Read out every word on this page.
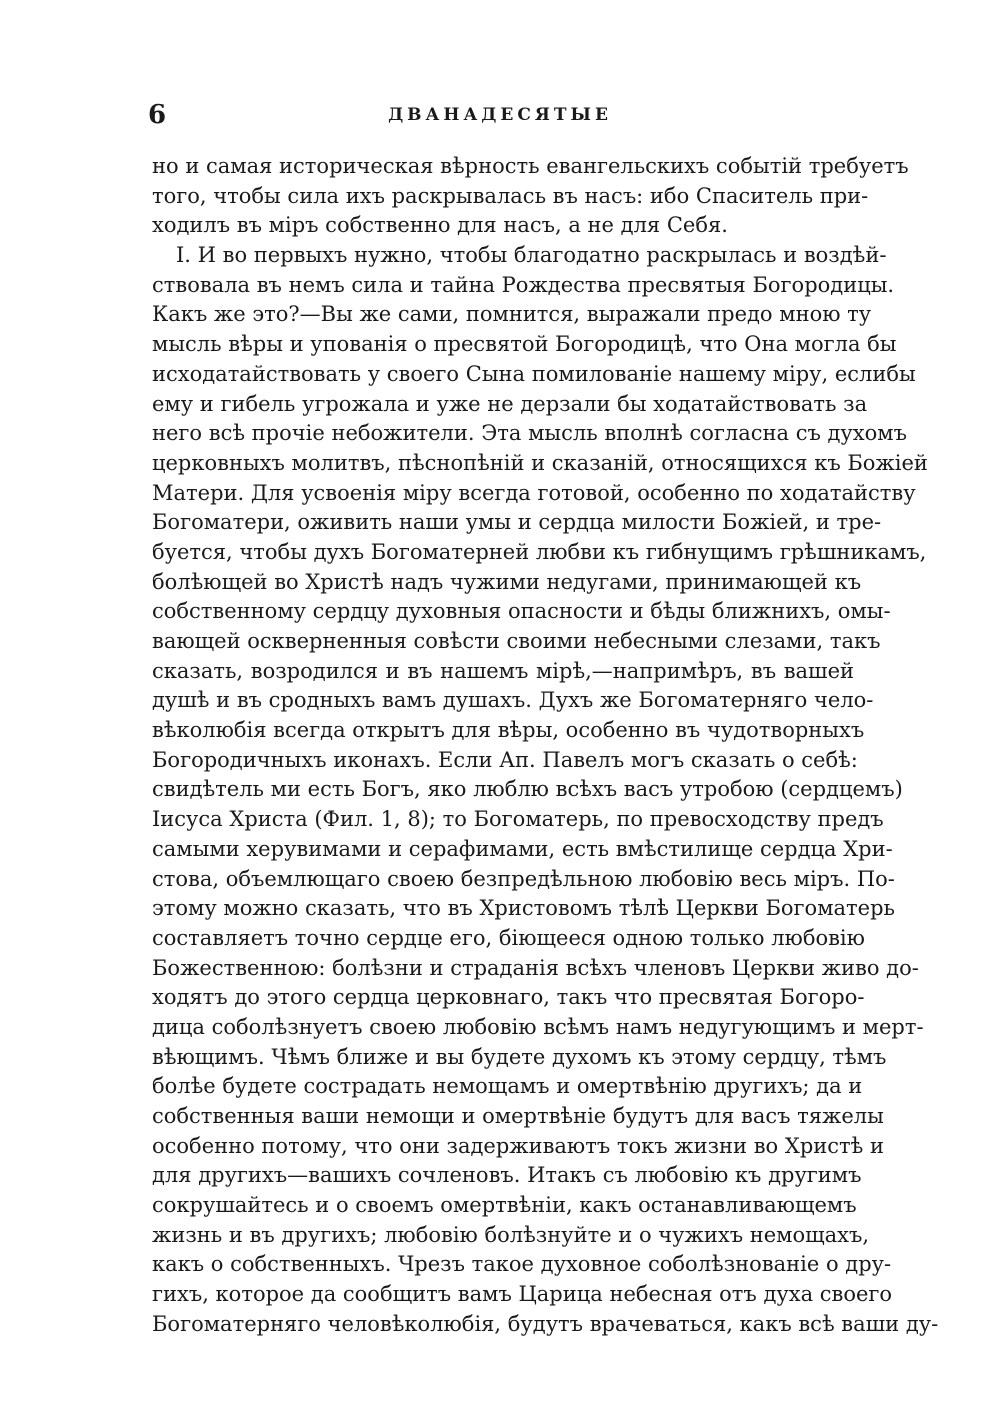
6	ДВАНАДЕСЯТЫЕ
но и самая историческая вѣрность евангельскихъ событій требуетъ
того, чтобы сила ихъ раскрывалась въ насъ: ибо Спаситель при-
ходилъ въ міръ собственно для насъ, а не для Себя.
I. И во первыхъ нужно, чтобы благодатно раскрылась и воздѣй-
ствовала въ немъ сила и тайна Рождества пресвятыя Богородицы.
Какъ же это?—Вы же сами, помнится, выражали предо мною ту
мысль вѣры и упованія о пресвятой Богородицѣ, что Она могла бы
исходатайствовать у своего Сына помилованіе нашему міру, еслибы
ему и гибель угрожала и уже не дерзали бы ходатайствовать за
него всѣ прочіе небожители. Эта мысль вполнѣ согласна съ духомъ
церковныхъ молитвъ, пѣснопѣній и сказаній, относящихся къ Божіей
Матери. Для усвоенія міру всегда готовой, особенно по ходатайству
Богоматери, оживить наши умы и сердца милости Божіей, и тре-
буется, чтобы духъ Богоматерней любви къ гибнущимъ грѣшникамъ,
болѣющей во Христѣ надъ чужими недугами, принимающей къ
собственному сердцу духовныя опасности и бѣды ближнихъ, омы-
вающей оскверненныя совѣсти своими небесными слезами, такъ
сказать, возродился и въ нашемъ мірѣ,—напримѣръ, въ вашей
душѣ и въ сродныхъ вамъ душахъ. Духъ же Богоматерняго чело-
вѣколюбія всегда открытъ для вѣры, особенно въ чудотворныхъ
Богородичныхъ иконахъ. Если Ап. Павелъ могъ сказать о себѣ:
свидѣтель ми есть Богъ, яко люблю всѣхъ васъ утробою (сердцемъ)
Іисуса Христа (Фил. 1, 8); то Богоматерь, по превосходству предъ
самыми херувимами и серафимами, есть вмѣстилище сердца Хри-
стова, объемлющаго своею безпредѣльною любовію весь міръ. По-
этому можно сказать, что въ Христовомъ тѣлѣ Церкви Богоматерь
составляетъ точно сердце его, біющееся одною только любовію
Божественною: болѣзни и страданія всѣхъ членовъ Церкви живо до-
ходятъ до этого сердца церковнаго, такъ что пресвятая Богоро-
дица соболѣзнуетъ своею любовію всѣмъ намъ недугующимъ и мерт-
вѣющимъ. Чѣмъ ближе и вы будете духомъ къ этому сердцу, тѣмъ
болѣе будете сострадать немощамъ и омертвѣнію другихъ; да и
собственныя ваши немощи и омертвѣніе будутъ для васъ тяжелы
особенно потому, что они задерживаютъ токъ жизни во Христѣ и
для другихъ—вашихъ сочленовъ. Итакъ съ любовію къ другимъ
сокрушайтесь и о своемъ омертвѣніи, какъ останавливающемъ
жизнь и въ другихъ; любовію болѣзнуйте и о чужихъ немощахъ,
какъ о собственныхъ. Чрезъ такое духовное соболѣзнованіе о дру-
гихъ, которое да сообщитъ вамъ Царица небесная отъ духа своего
Богоматерняго человѣколюбія, будутъ врачеваться, какъ всѣ ваши ду-
